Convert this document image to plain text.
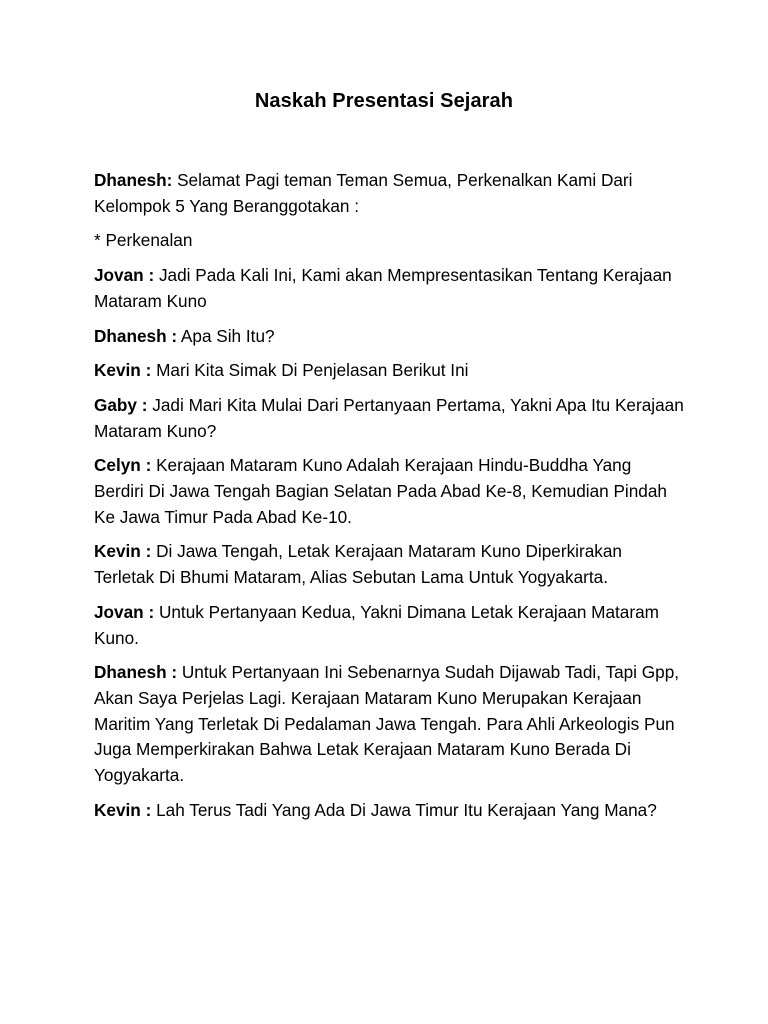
Naskah Presentasi Sejarah

Dhanesh: Selamat Pagi teman Teman Semua, Perkenalkan Kami Dari Kelompok 5 Yang Beranggotakan :

* Perkenalan

Jovan : Jadi Pada Kali Ini, Kami akan Mempresentasikan Tentang Kerajaan Mataram Kuno

Dhanesh : Apa Sih Itu?

Kevin : Mari Kita Simak Di Penjelasan Berikut Ini

Gaby : Jadi Mari Kita Mulai Dari Pertanyaan Pertama, Yakni Apa Itu Kerajaan Mataram Kuno?

Celyn : Kerajaan Mataram Kuno Adalah Kerajaan Hindu-Buddha Yang Berdiri Di Jawa Tengah Bagian Selatan Pada Abad Ke-8, Kemudian Pindah Ke Jawa Timur Pada Abad Ke-10.

Kevin : Di Jawa Tengah, Letak Kerajaan Mataram Kuno Diperkirakan Terletak Di Bhumi Mataram, Alias Sebutan Lama Untuk Yogyakarta.

Jovan : Untuk Pertanyaan Kedua, Yakni Dimana Letak Kerajaan Mataram Kuno.

Dhanesh : Untuk Pertanyaan Ini Sebenarnya Sudah Dijawab Tadi, Tapi Gpp, Akan Saya Perjelas Lagi. Kerajaan Mataram Kuno Merupakan Kerajaan Maritim Yang Terletak Di Pedalaman Jawa Tengah. Para Ahli Arkeologis Pun Juga Memperkirakan Bahwa Letak Kerajaan Mataram Kuno Berada Di Yogyakarta.

Kevin : Lah Terus Tadi Yang Ada Di Jawa Timur Itu Kerajaan Yang Mana?
